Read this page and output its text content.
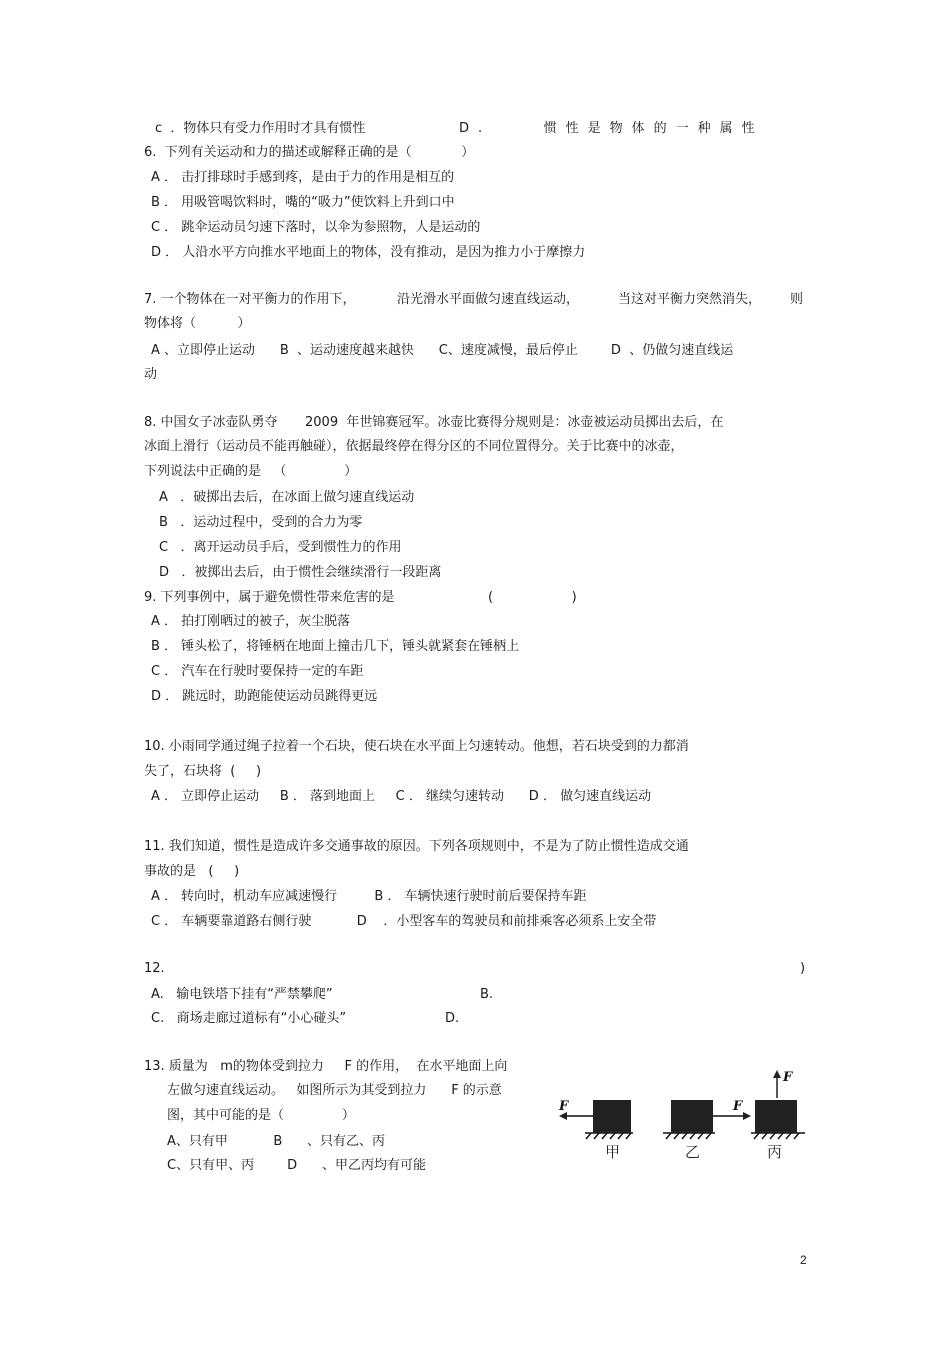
c  ．物体只有受力作用时才具有惯性	D.    惯性是物体的一种属性
6.  下列有关运动和力的描述或解释正确的是（            ）
A ． 击打排球时手感到疼，是由于力的作用是相互的
B ． 用吸管喝饮料时，嘴的“吸力”使饮料上升到口中
C ． 跳伞运动员匀速下落时，以伞为参照物，人是运动的
D ． 人沿水平方向推水平地面上的物体，没有推动，是因为推力小于摩擦力
7. 一个物体在一对平衡力的作用下，	沿光滑水平面做匀速直线运动，	当这对平衡力突然消失， 则
物体将（          ）
A 、立即停止运动      B  、运动速度越来越快      C、速度减慢，最后停止        D  、仍做匀速直线运
动
8. 中国女子冰壶队勇夺 2009  年世锦赛冠军。冰壶比赛得分规则是：冰壶被运动员掷出去后，在
冰面上滑行（运动员不能再触碰），依据最终停在得分区的不同位置得分。关于比赛中的冰壶，
下列说法中正确的是   （              ）
A   ．破掷出去后，在冰面上做匀速直线运动
B   ．运动过程中，受到的合力为零
C   ．离开运动员手后，受到惯性力的作用
D   ．被掷出去后，由于惯性会继续滑行一段距离
9. 下列事例中，属于避免惯性带来危害的是	(                   )
A ． 拍打刚晒过的被子，灰尘脱落
B ． 锤头松了，将锤柄在地面上撞击几下，锤头就紧套在锤柄上
C ． 汽车在行驶时要保持一定的车距
D ． 跳远时，助跑能使运动员跳得更远
10. 小雨同学通过绳子拉着一个石块，使石块在水平面上匀速转动。他想，若石块受到的力都消
失了，石块将  (     )
A ． 立即停止运动     B ． 落到地面上     C ． 继续匀速转动      D ． 做匀速直线运动
11. 我们知道，惯性是造成许多交通事故的原因。下列各项规则中，不是为了防止惯性造成交通
事故的是   (     )
A ． 转向时，机动车应减速慢行         B ． 车辆快速行驶时前后要保持车距
C ． 车辆要靠道路右侧行驶           D    ．小型客车的驾驶员和前排乘客必须系上安全带
12.	)
A.   输电铁塔下挂有“严禁攀爬”	B.
C.   商场走廊过道标有“小心碰头”	D.
13. 质量为   m的物体受到拉力     F 的作用，  在水平地面上向
左做匀速直线运动。   如图所示为其受到拉力      F 的示意
图，其中可能的是（              ）
A、只有甲           B      、只有乙、丙
C、只有甲、丙        D      、甲乙丙均有可能
F	F
F
甲	乙	丙
2
